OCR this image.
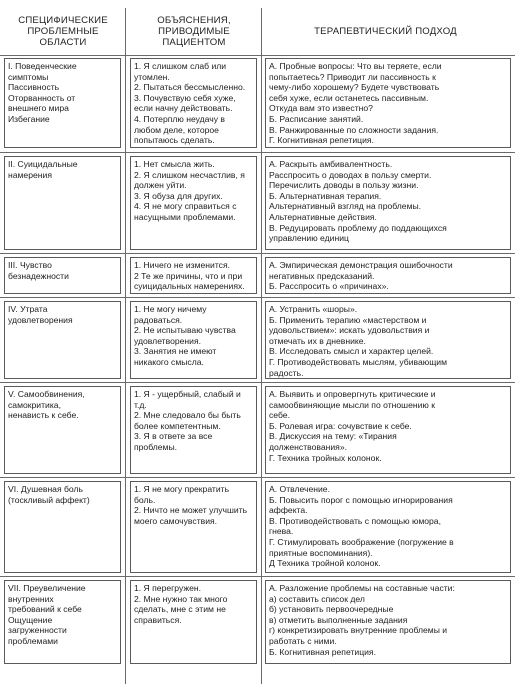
СПЕЦИФИЧЕСКИЕ
ПРОБЛЕМНЫЕ
ОБЛАСТИ
ОБЪЯСНЕНИЯ,
ПРИВОДИМЫЕ
ПАЦИЕНТОМ
ТЕРАПЕВТИЧЕСКИЙ ПОДХОД
I. Поведенческие
симптомы
Пассивность
Оторванность от
внешнего мира
Избегание
1. Я слишком слаб или
утомлен.
2. Пытаться бессмысленно.
3. Почувствую себя хуже,
если начну действовать.
4. Потерплю неудачу в
любом деле, которое
попытаюсь сделать.
А. Пробные вопросы: Что вы теряете, если
попытаетесь? Приводит ли пассивность к
чему-либо хорошему? Будете чувствовать
себя хуже, если останетесь пассивным.
Откуда вам это известно?
Б. Расписание занятий.
В. Ранжированные по сложности задания.
Г. Когнитивная репетиция.
II. Суицидальные
намерения
1. Нет смысла жить.
2. Я слишком несчастлив, я
должен уйти.
3. Я обуза для других.
4. Я не могу справиться с
насущными проблемами.
А. Раскрыть амбивалентность.
Расспросить о доводах в пользу смерти.
Перечислить доводы в пользу жизни.
Б. Альтернативная терапия.
Альтернативный взгляд на проблемы.
Альтернативные действия.
В. Редуцировать проблему до поддающихся
управлению единиц
III. Чувство
безнадежности
1. Ничего не изменится.
2 Те же причины, что и при
суицидальных намерениях.
А. Эмпирическая демонстрация ошибочности
негативных предсказаний.
Б. Расспросить о «причинах».
IV. Утрата
удовлетворения
1. Не могу ничему
радоваться.
2. Не испытываю чувства
удовлетворения.
3. Занятия не имеют
никакого смысла.
А. Устранить «шоры».
Б. Применить терапию «мастерством и
удовольствием»: искать удовольствия и
отмечать их в дневнике.
В. Исследовать смысл и характер целей.
Г. Противодействовать мыслям, убивающим
радость.
V. Самообвинения,
самокритика,
ненависть к себе.
1. Я - ущербный, слабый и
т.д.
2. Мне следовало бы быть
более компетентным.
3. Я в ответе за все
проблемы.
А. Выявить и опровергнуть критические и
самообвиняющие мысли по отношению к
себе.
Б. Ролевая игра: сочувствие к себе.
В. Дискуссия на тему: «Тирания
долженствования».
Г. Техника тройных колонок.
VI. Душевная боль
(тоскливый аффект)
1. Я не могу прекратить
боль.
2. Ничто не может улучшить
моего самочувствия.
А. Отвлечение.
Б. Повысить порог с помощью игнорирования
аффекта.
В. Противодействовать с помощью юмора,
гнева.
Г. Стимулировать воображение (погружение в
приятные воспоминания).
Д Техника тройной колонок.
VII. Преувеличение
внутренних
требований к себе
Ощущение
загруженности
проблемами
1. Я перегружен.
2. Мне нужно так много
сделать, мне с этим не
справиться.
А. Разложение проблемы на составные части:
а) составить список дел
б) установить первоочередные
в) отметить выполненные задания
г) конкретизировать внутренние проблемы и
работать с ними.
Б. Когнитивная репетиция.
